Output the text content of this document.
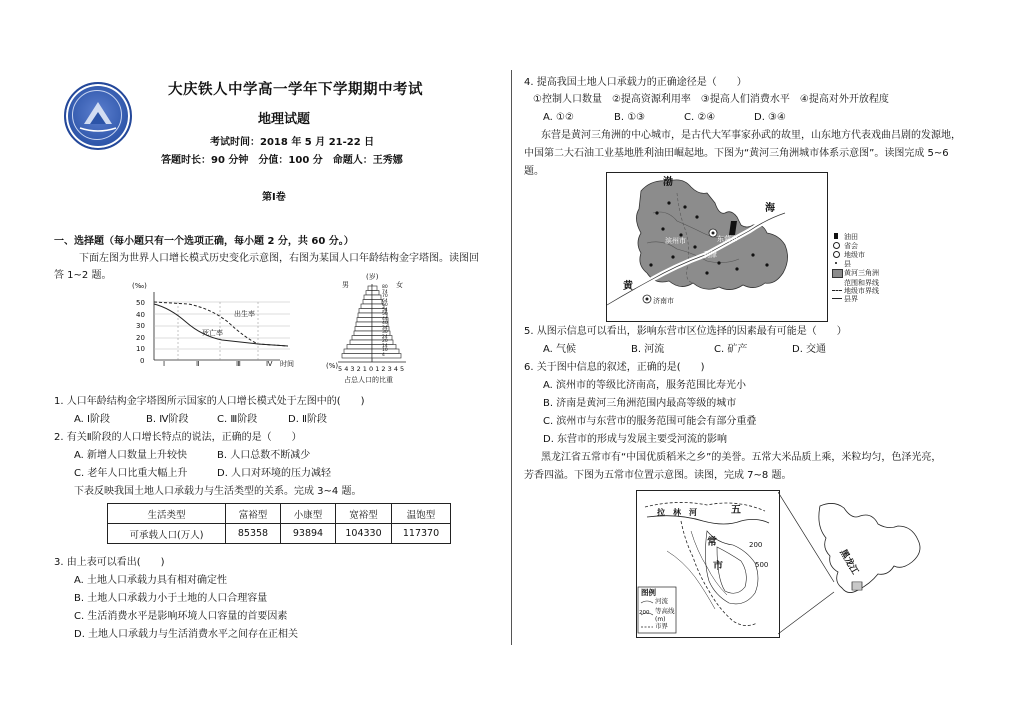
大庆铁人中学高一学年下学期期中考试
地理试题
考试时间：2018 年 5 月 21-22 日
答题时长：90 分钟　分值：100 分　命题人：王秀娜
第Ⅰ卷
一、选择题（每小题只有一个选项正确，每小题 2 分，共 60 分。）
下面左图为世界人口增长模式历史变化示意图，右图为某国人口年龄结构金字塔图。读图回
答 1~2 题。
(‰)
50
40
30
20
10
0
出生率
死亡率
Ⅰ	Ⅱ	Ⅲ	Ⅳ 时间
(岁)
男	女
80
74
70
64
60
54
50
44
40
34
30
24
20
14
10
4
(%) 5 4 3 2 1 0 1 2 3 4 5
占总人口的比重
1. 人口年龄结构金字塔图所示国家的人口增长模式处于左图中的(　　)
A. Ⅰ阶段	B. Ⅳ阶段	C. Ⅲ阶段	D. Ⅱ阶段
2. 有关Ⅱ阶段的人口增长特点的说法，正确的是（　　）
A. 新增人口数量上升较快	B. 人口总数不断减少
C. 老年人口比重大幅上升	D. 人口对环境的压力减轻
下表反映我国土地人口承载力与生活类型的关系。完成 3~4 题。
生活类型	富裕型	小康型	宽裕型	温饱型
可承载人口(万人)	85358	93894	104330	117370
3. 由上表可以看出(　　)
A. 土地人口承载力具有相对确定性
B. 土地人口承载力小于土地的人口合理容量
C. 生活消费水平是影响环境人口容量的首要因素
D. 土地人口承载力与生活消费水平之间存在正相关
4. 提高我国土地人口承载力的正确途径是（　　）
①控制人口数量　②提高资源利用率　③提高人们消费水平　④提高对外开放程度
A. ①②	B. ①③	C. ②④	D. ③④
东营是黄河三角洲的中心城市，是古代大军事家孙武的故里，山东地方代表戏曲吕剧的发源地，
中国第二大石油工业基地胜利油田崛起地。下图为“黄河三角洲城市体系示意图”。读图完成 5~6
题。
渤
海
黄
滨州市	东营市
利津
济南市
油田
省会
地级市
县
黄河三角洲
范围和界线
地级市界线
县界
5. 从图示信息可以看出，影响东营市区位选择的因素最有可能是（　　）
A. 气候	B. 河流	C. 矿产	D. 交通
6. 关于图中信息的叙述，正确的是(　　)
A. 滨州市的等级比济南高，服务范围比寿光小
B. 济南是黄河三角洲范围内最高等级的城市
C. 滨州市与东营市的服务范围可能会有部分重叠
D. 东营市的形成与发展主要受河流的影响
黑龙江省五常市有“中国优质稻米之乡”的美誉。五常大米品质上乘，米粒均匀，色泽光亮，
芳香四溢。下图为五常市位置示意图。读图，完成 7~8 题。
拉　林　河	五
常
市
200
500
图例
河流
等高线
(m)
200
市界
黑龙江
